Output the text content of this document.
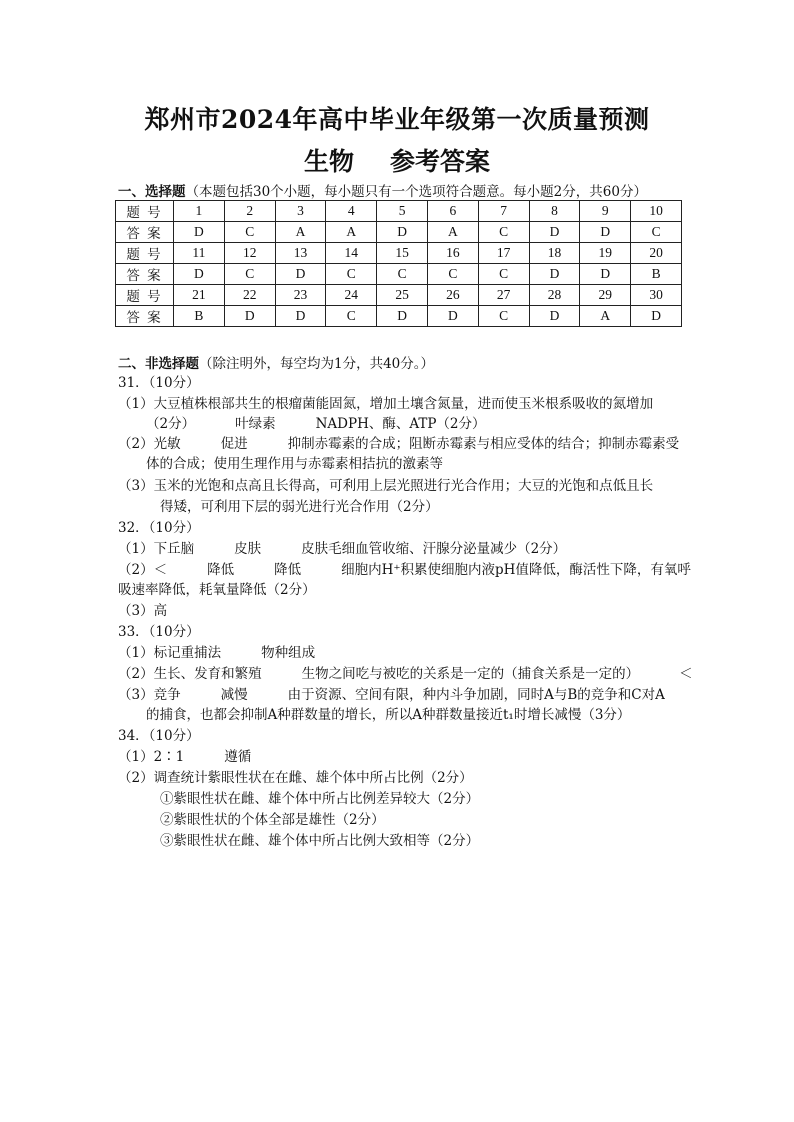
郑州市2024年高中毕业年级第一次质量预测
生物 参考答案
一、选择题（本题包括30个小题，每小题只有一个选项符合题意。每小题2分，共60分）
题 号	1	2	3	4	5	6	7	8	9	10
答 案	D	C	A	A	D	A	C	D	D	C
题 号	11	12	13	14	15	16	17	18	19	20
答 案	D	C	D	C	C	C	C	D	D	B
题 号	21	22	23	24	25	26	27	28	29	30
答 案	B	D	D	C	D	D	C	D	A	D
二、非选择题（除注明外，每空均为1分，共40分。）
31．（10分）
（1）大豆植株根部共生的根瘤菌能固氮，增加土壤含氮量，进而使玉米根系吸收的氮增加
（2分）	叶绿素	NADPH、酶、ATP（2分）
（2）光敏	促进	抑制赤霉素的合成；阻断赤霉素与相应受体的结合；抑制赤霉素受
体的合成；使用生理作用与赤霉素相拮抗的激素等
（3）玉米的光饱和点高且长得高，可利用上层光照进行光合作用；大豆的光饱和点低且长
得矮，可利用下层的弱光进行光合作用（2分）
32．（10分）
（1）下丘脑	皮肤	皮肤毛细血管收缩、汗腺分泌量减少（2分）
（2）＜	降低	降低	细胞内H⁺积累使细胞内液pH值降低，酶活性下降，有氧呼
吸速率降低，耗氧量降低（2分）
（3）高
33．（10分）
（1）标记重捕法	物种组成
（2）生长、发育和繁殖	生物之间吃与被吃的关系是一定的（捕食关系是一定的）	＜
（3）竞争	减慢	由于资源、空间有限，种内斗争加剧，同时A与B的竞争和C对A
的捕食，也都会抑制A种群数量的增长，所以A种群数量接近t₁时增长减慢（3分）
34．（10分）
（1）2∶1	遵循
（2）调查统计紫眼性状在在雌、雄个体中所占比例（2分）
①紫眼性状在雌、雄个体中所占比例差异较大（2分）
②紫眼性状的个体全部是雄性（2分）
③紫眼性状在雌、雄个体中所占比例大致相等（2分）
